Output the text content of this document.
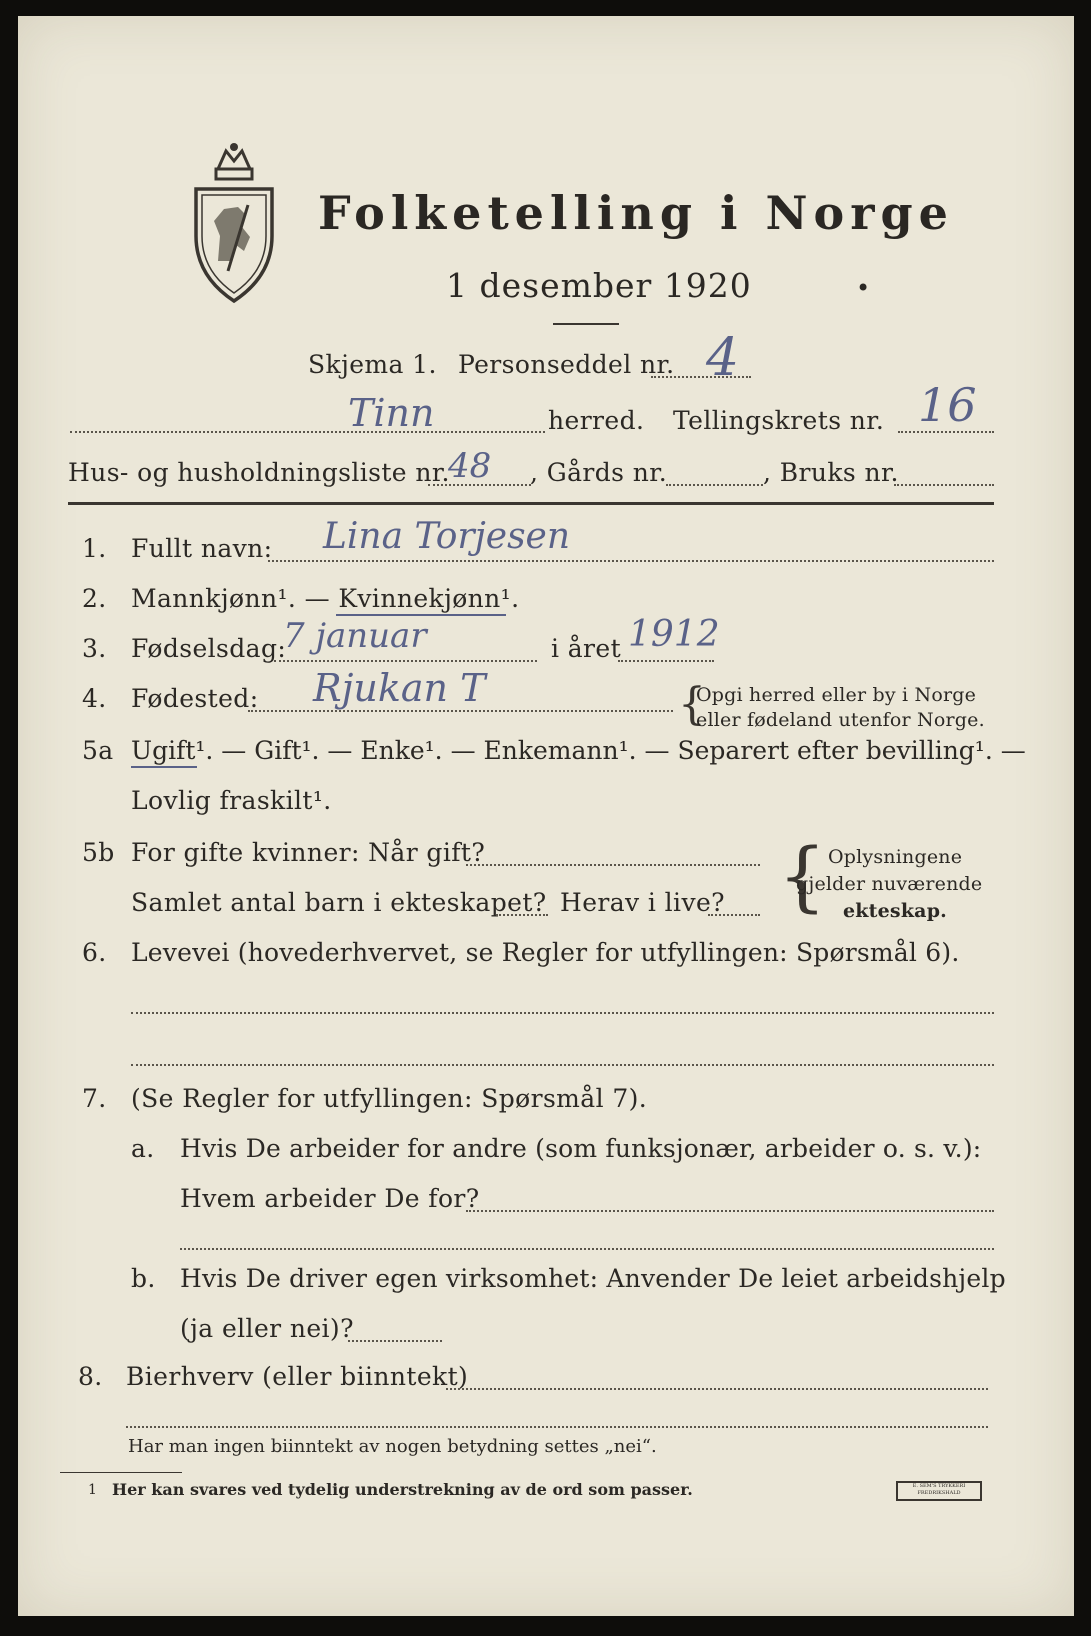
Folketelling i Norge
1 desember 1920	•
Skjema 1. Personseddel nr. 4
Tinn	herred. Tellingskrets nr. 16
Hus- og husholdningsliste nr.
48 , Gårds nr.	, Bruks nr.
1. Fullt navn: Lina Torjesen
2. Mannkjønn¹. — Kvinnekjønn¹.
3. Fødselsdag:
7 januar	i året 1912
4. Fødested: Rjukan T	{
Opgi herred eller by i Norge
eller fødeland utenfor Norge.
5a Ugift¹. — Gift¹. — Enke¹. — Enkemann¹. — Separert efter bevilling¹. —
Lovlig fraskilt¹.
5b For gifte kvinner: Når gift?
Samlet antal barn i ekteskapet? Herav i live? { Oplysningene
gjelder nuværende
ekteskap.
6. Levevei (hovederhvervet, se Regler for utfyllingen: Spørsmål 6).
7. (Se Regler for utfyllingen: Spørsmål 7).
a. Hvis De arbeider for andre (som funksjonær, arbeider o. s. v.):
Hvem arbeider De for?
b. Hvis De driver egen virksomhet: Anvender De leiet arbeidshjelp
(ja eller nei)?
8. Bierhverv (eller biinntekt)
Har man ingen biinntekt av nogen betydning settes „nei“.
1 Her kan svares ved tydelig understrekning av de ord som passer.	E. SEM'S TRYKKERI FREDRIKSHALD
